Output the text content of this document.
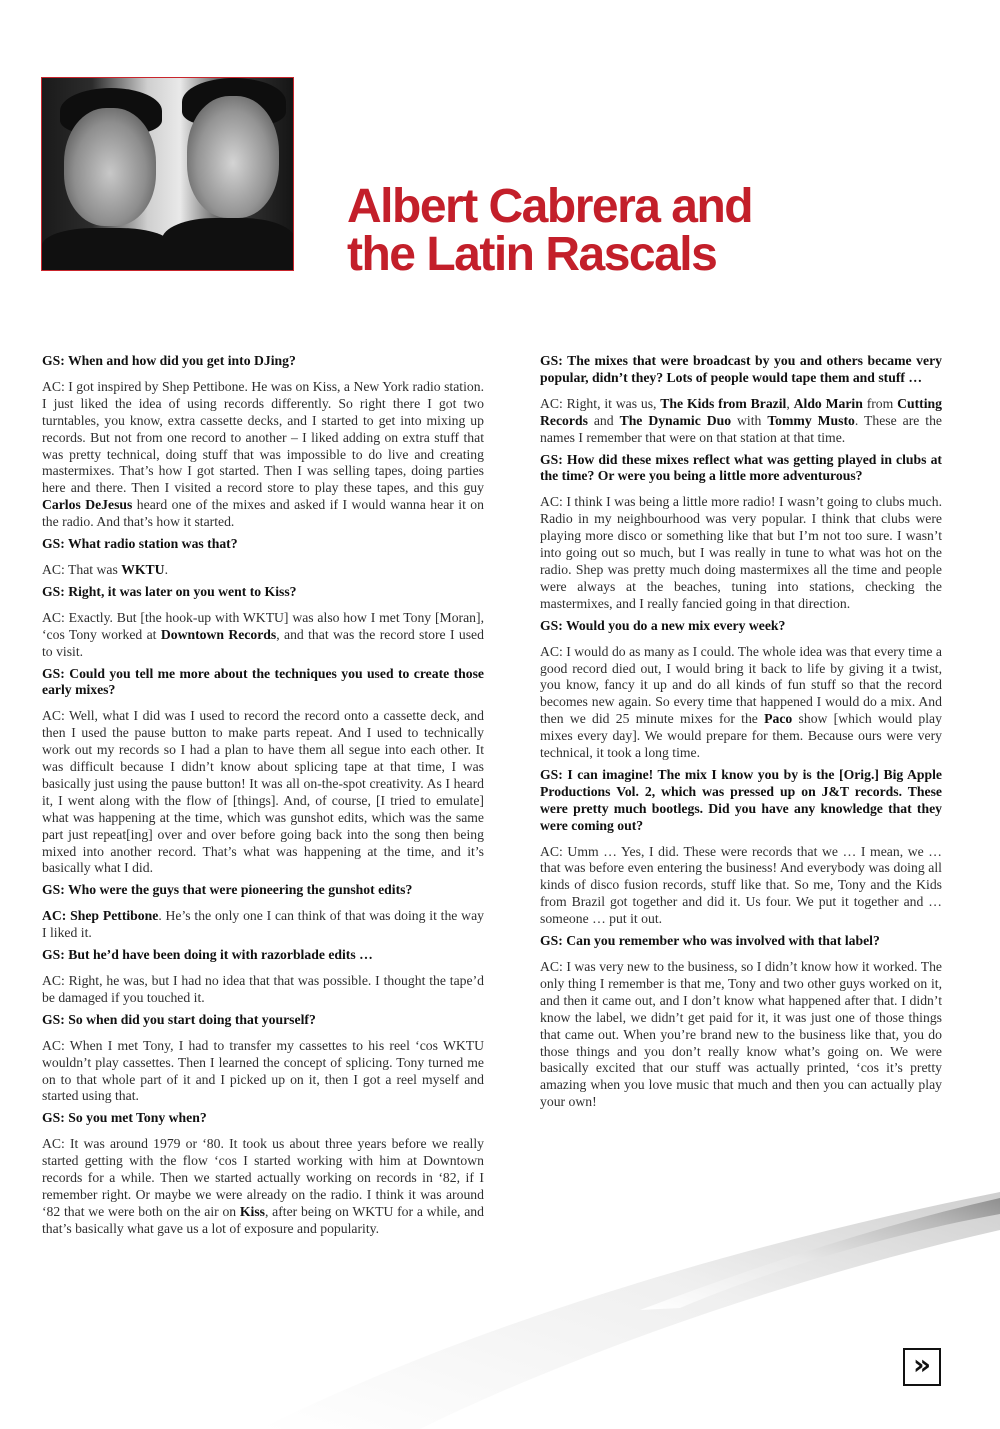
Albert Cabrera and
the Latin Rascals

GS: When and how did you get into DJing?

AC: I got inspired by Shep Pettibone. He was on Kiss, a New York radio station. I just liked the idea of using records differently. So right there I got two turntables, you know, extra cassette decks, and I started to get into mixing up records. But not from one record to another – I liked adding on extra stuff that was pretty technical, doing stuff that was impossible to do live and creating mastermixes. That’s how I got started. Then I was selling tapes, doing parties here and there. Then I visited a record store to play these tapes, and this guy Carlos DeJesus heard one of the mixes and asked if I would wanna hear it on the radio. And that’s how it started.

GS: What radio station was that?

AC: That was WKTU.

GS: Right, it was later on you went to Kiss?

AC: Exactly. But [the hook-up with WKTU] was also how I met Tony [Moran], ‘cos Tony worked at Downtown Records, and that was the record store I used to visit.

GS: Could you tell me more about the techniques you used to create those early mixes?

AC: Well, what I did was I used to record the record onto a cassette deck, and then I used the pause button to make parts repeat. And I used to technically work out my records so I had a plan to have them all segue into each other. It was difficult because I didn’t know about splicing tape at that time, I was basically just using the pause button! It was all on-the-spot creativity. As I heard it, I went along with the flow of [things]. And, of course, [I tried to emulate] what was happening at the time, which was gunshot edits, which was the same part just repeat[ing] over and over before going back into the song then being mixed into another record. That’s what was happening at the time, and it’s basically what I did.

GS: Who were the guys that were pioneering the gunshot edits?

AC: Shep Pettibone. He’s the only one I can think of that was doing it the way I liked it.

GS: But he’d have been doing it with razorblade edits …

AC: Right, he was, but I had no idea that that was possible. I thought the tape’d be damaged if you touched it.

GS: So when did you start doing that yourself?

AC: When I met Tony, I had to transfer my cassettes to his reel ‘cos WKTU wouldn’t play cassettes. Then I learned the concept of splicing. Tony turned me on to that whole part of it and I picked up on it, then I got a reel myself and started using that.

GS: So you met Tony when?

AC: It was around 1979 or ‘80. It took us about three years before we really started getting with the flow ‘cos I started working with him at Downtown records for a while. Then we started actually working on records in ‘82, if I remember right. Or maybe we were already on the radio. I think it was around ‘82 that we were both on the air on Kiss, after being on WKTU for a while, and that’s basically what gave us a lot of exposure and popularity.

GS: The mixes that were broadcast by you and others became very popular, didn’t they? Lots of people would tape them and stuff …

AC: Right, it was us, The Kids from Brazil, Aldo Marin from Cutting Records and The Dynamic Duo with Tommy Musto. These are the names I remember that were on that station at that time.

GS: How did these mixes reflect what was getting played in clubs at the time? Or were you being a little more adventurous?

AC: I think I was being a little more radio! I wasn’t going to clubs much. Radio in my neighbourhood was very popular. I think that clubs were playing more disco or something like that but I’m not too sure. I wasn’t into going out so much, but I was really in tune to what was hot on the radio. Shep was pretty much doing mastermixes all the time and people were always at the beaches, tuning into stations, checking the mastermixes, and I really fancied going in that direction.

GS: Would you do a new mix every week?

AC: I would do as many as I could. The whole idea was that every time a good record died out, I would bring it back to life by giving it a twist, you know, fancy it up and do all kinds of fun stuff so that the record becomes new again. So every time that happened I would do a mix. And then we did 25 minute mixes for the Paco show [which would play mixes every day]. We would prepare for them. Because ours were very technical, it took a long time.

GS: I can imagine! The mix I know you by is the [Orig.] Big Apple Productions Vol. 2, which was pressed up on J&T records. These were pretty much bootlegs. Did you have any knowledge that they were coming out?

AC: Umm … Yes, I did. These were records that we … I mean, we … that was before even entering the business! And everybody was doing all kinds of disco fusion records, stuff like that. So me, Tony and the Kids from Brazil got together and did it. Us four. We put it together and … someone … put it out.

GS: Can you remember who was involved with that label?

AC: I was very new to the business, so I didn’t know how it worked. The only thing I remember is that me, Tony and two other guys worked on it, and then it came out, and I don’t know what happened after that. I didn’t know the label, we didn’t get paid for it, it was just one of those things that came out. When you’re brand new to the business like that, you do those things and you don’t really know what’s going on. We were basically excited that our stuff was actually printed, ‘cos it’s pretty amazing when you love music that much and then you can actually play your own!

»
